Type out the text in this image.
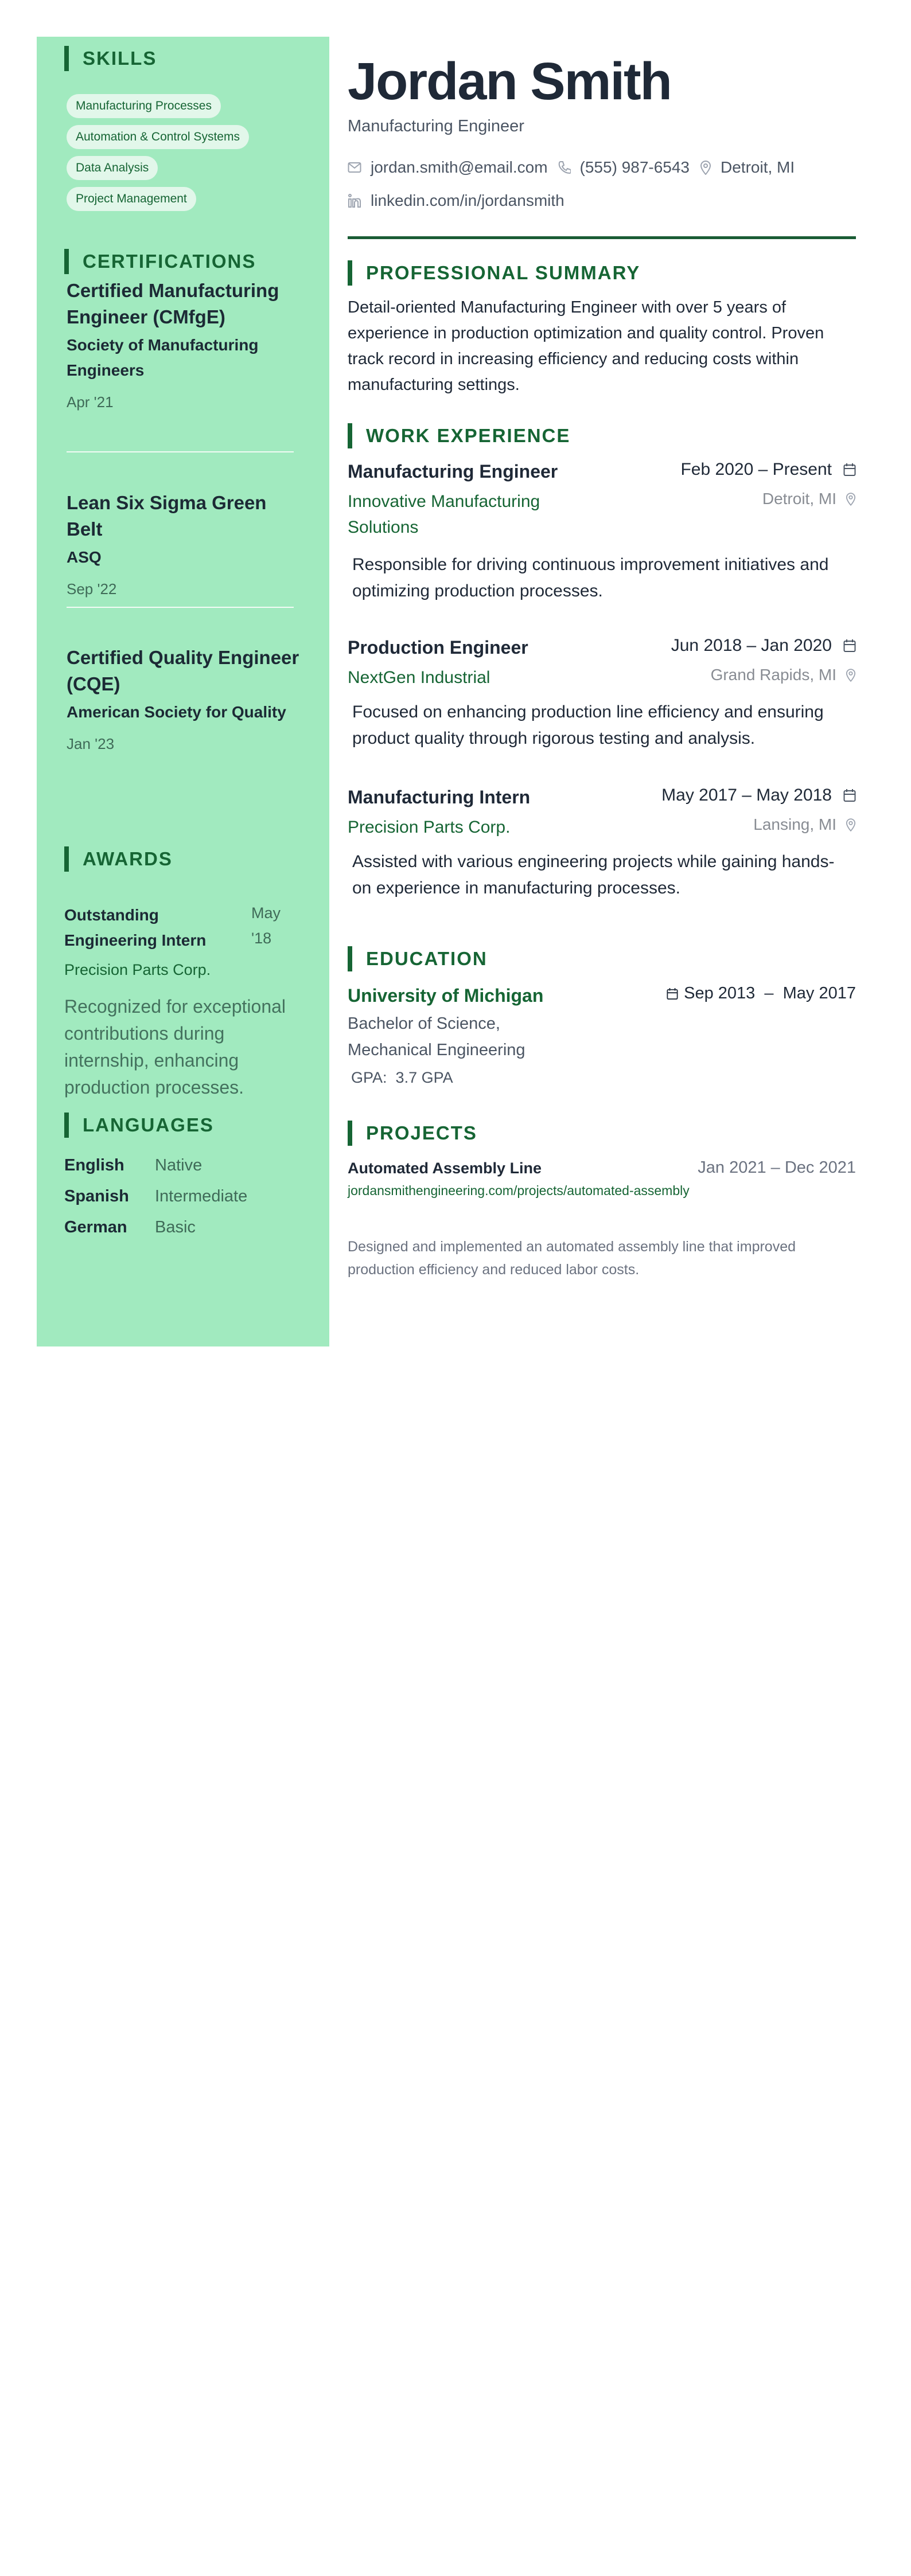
SKILLS
Manufacturing Processes
Automation & Control Systems
Data Analysis
Project Management
CERTIFICATIONS
Certified Manufacturing Engineer (CMfgE)
Society of Manufacturing Engineers
Apr '21
Lean Six Sigma Green Belt
ASQ
Sep '22
Certified Quality Engineer (CQE)
American Society for Quality
Jan '23
AWARDS
Outstanding Engineering Intern
May '18
Precision Parts Corp.
Recognized for exceptional contributions during internship, enhancing production processes.
LANGUAGES
English Native
Spanish Intermediate
German Basic
Jordan Smith
Manufacturing Engineer
jordan.smith@email.com (555) 987-6543 Detroit, MI
linkedin.com/in/jordansmith
PROFESSIONAL SUMMARY

Detail-oriented Manufacturing Engineer with over 5 years of experience in production optimization and quality control. Proven track record in increasing efficiency and reducing costs within manufacturing settings.

WORK EXPERIENCE
Manufacturing Engineer	Feb 2020 – Present
Innovative Manufacturing Solutions
Detroit, MI

Responsible for driving continuous improvement initiatives and optimizing production processes.

Production Engineer	Jun 2018 – Jan 2020
NextGen Industrial	Grand Rapids, MI

Focused on enhancing production line efficiency and ensuring product quality through rigorous testing and analysis.

Manufacturing Intern	May 2017 – May 2018
Precision Parts Corp.	Lansing, MI

Assisted with various engineering projects while gaining hands-on experience in manufacturing processes.

EDUCATION
University of Michigan	Sep 2013  –  May 2017
Bachelor of Science, Mechanical Engineering
GPA: 3.7 GPA
PROJECTS
Automated Assembly Line	Jan 2021 – Dec 2021
jordansmithengineering.com/projects/automated-assembly

Designed and implemented an automated assembly line that improved production efficiency and reduced labor costs.
